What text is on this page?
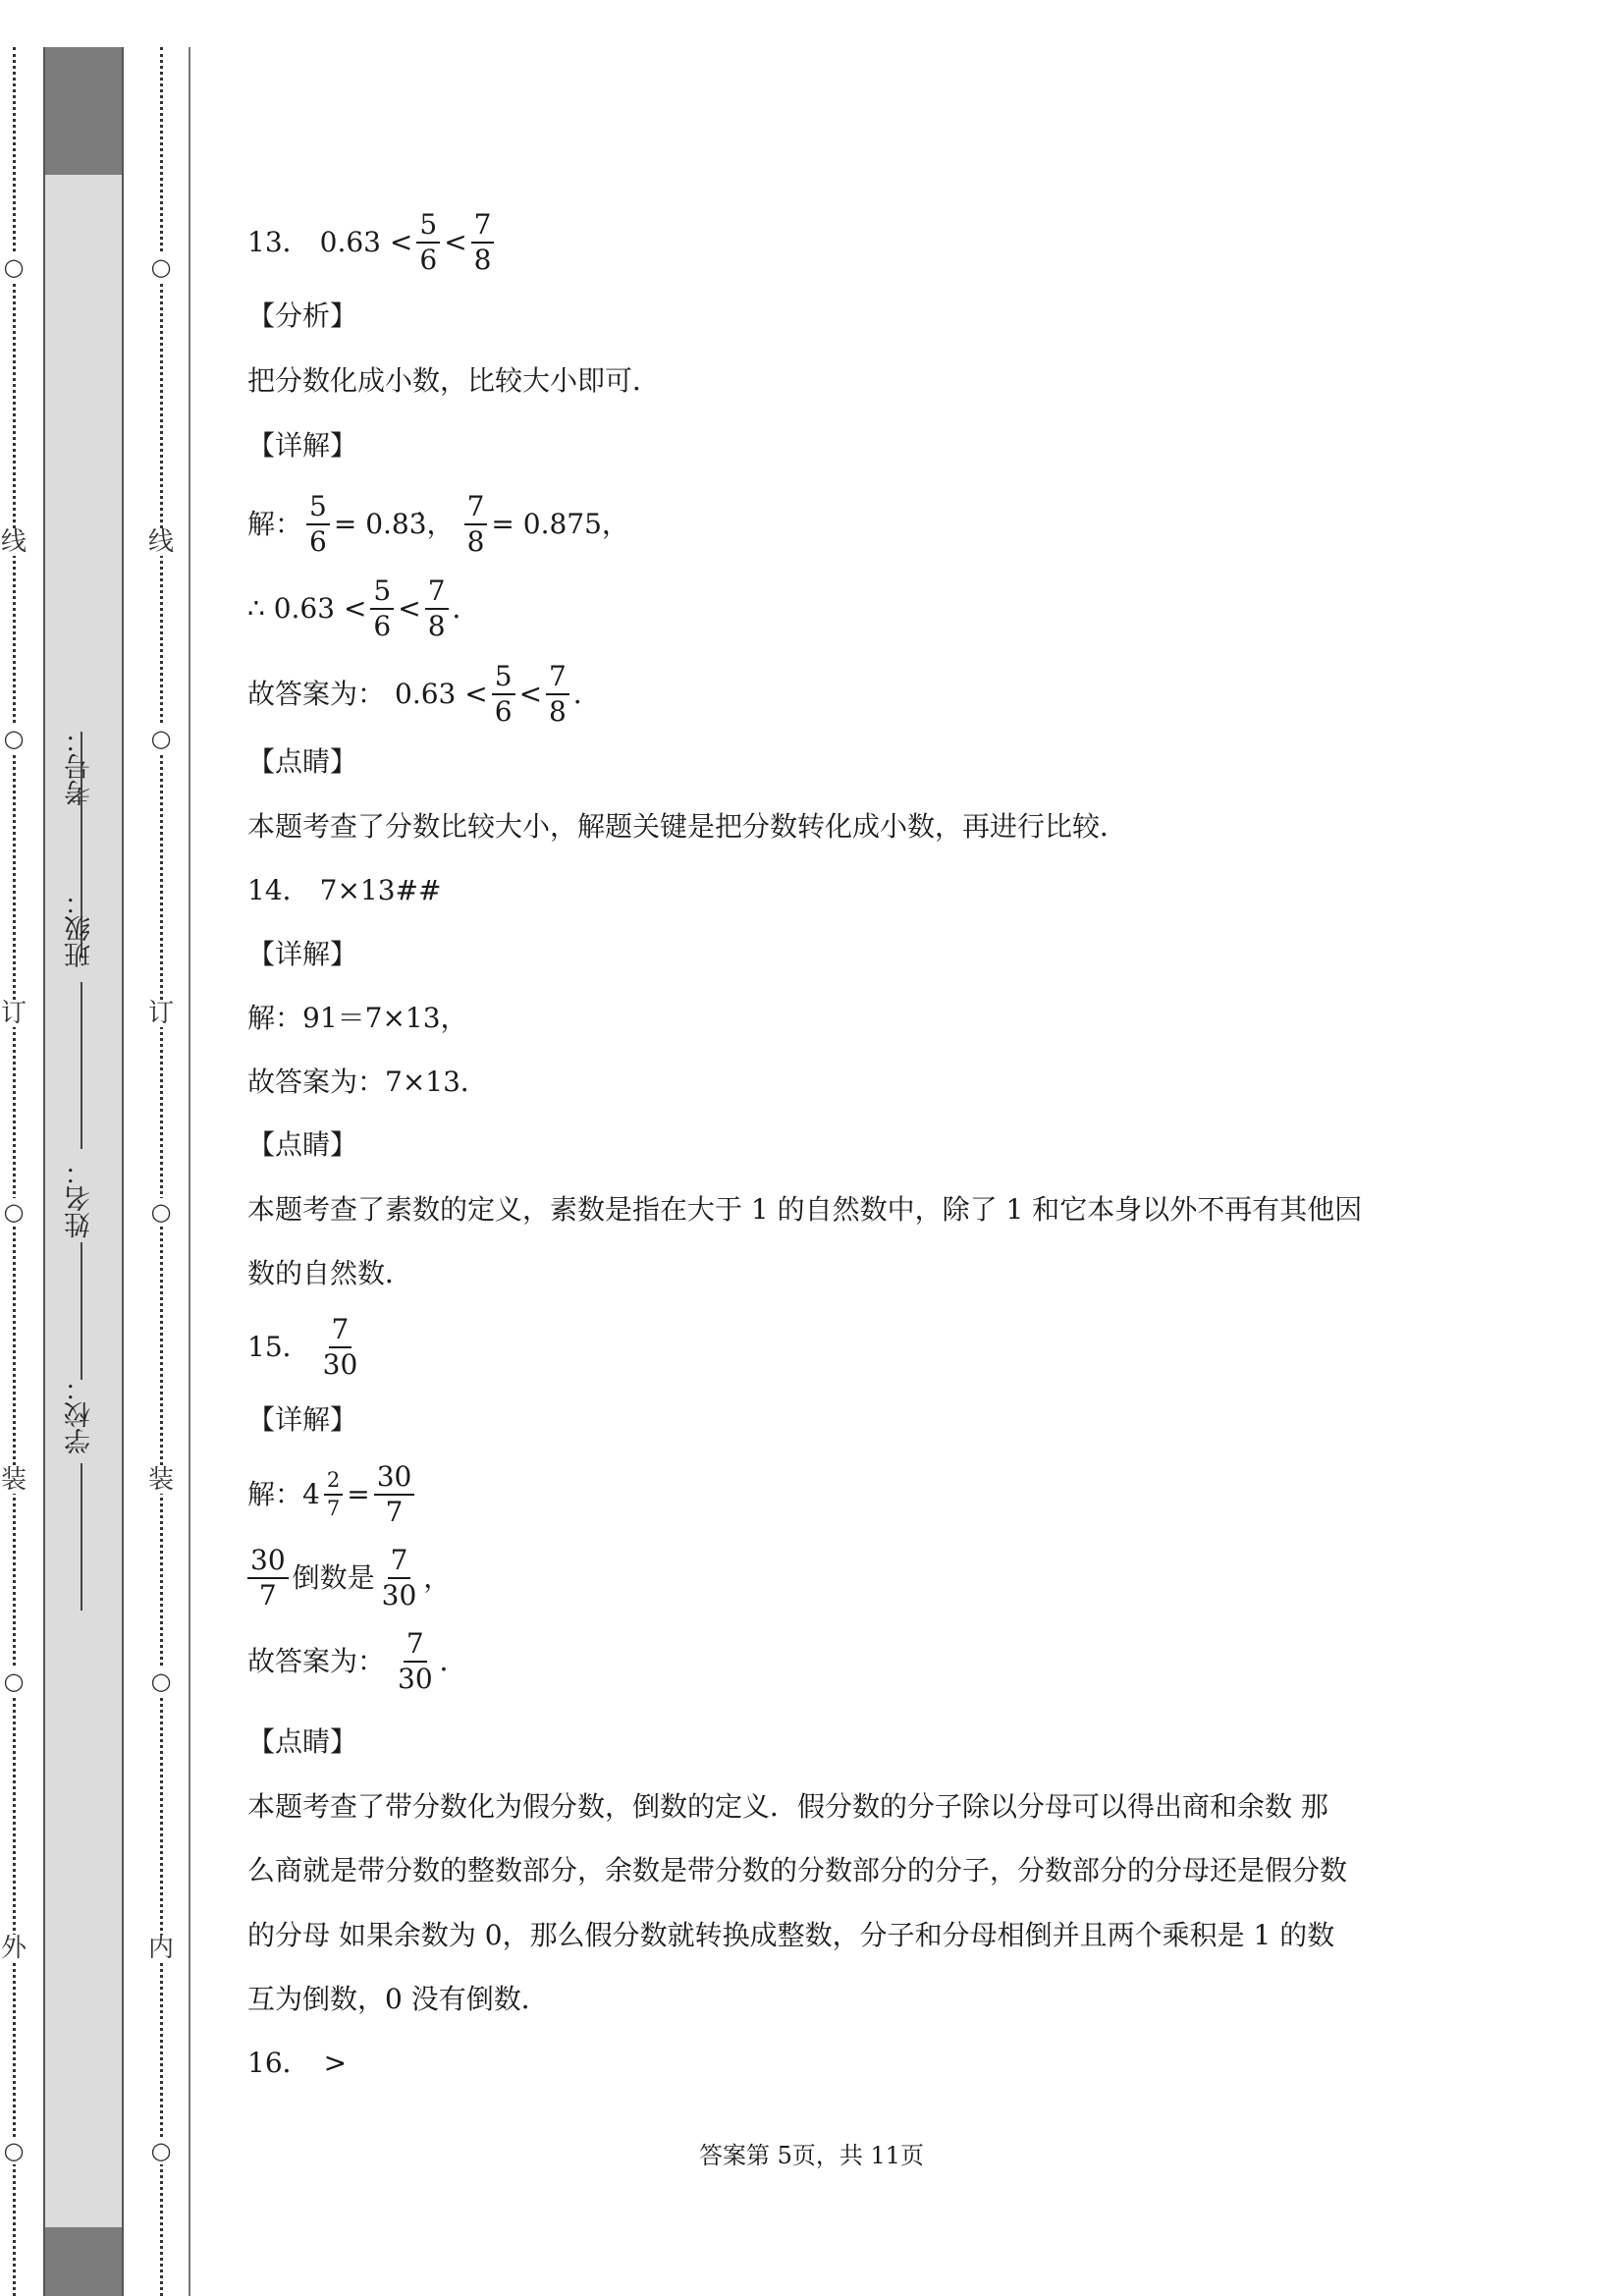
○
线
○
订
○
装
○
外
○
考号：
班级：
姓名：
学校：
○
线
○
订
○
装
○
内
○
13． $0.63 < \frac{5}{6} < \frac{7}{8}$
【分析】
把分数化成小数，比较大小即可．
【详解】
解： $\frac{5}{6}$ = 0.83̇， $\frac{7}{8} = 0.875$，
∴ $0.63 < \frac{5}{6} < \frac{7}{8}$ ．
故答案为： $0.63 < \frac{5}{6} < \frac{7}{8}$ ．
【点睛】
本题考查了分数比较大小，解题关键是把分数转化成小数，再进行比较．
14． 7×13##
【详解】
解：91＝7×13，
故答案为：7×13．
【点睛】
本题考查了素数的定义，素数是指在大于 1 的自然数中，除了 1 和它本身以外不再有其他因
数的自然数．
15． $\frac{7}{30}$
【详解】
解： $4 \frac{2}{7} = \frac{30}{7}$
$\frac{30}{7}$ 倒数是 $\frac{7}{30}$ ，
故答案为： $\frac{7}{30}$ ．
【点睛】
本题考查了带分数化为假分数，倒数的定义．假分数的分子除以分母可以得出商和余数 那
么商就是带分数的整数部分，余数是带分数的分数部分的分子，分数部分的分母还是假分数
的分母 如果余数为 0，那么假分数就转换成整数，分子和分母相倒并且两个乘积是 1 的数
互为倒数，0 没有倒数．
16． >
答案第 5页，共 11页
